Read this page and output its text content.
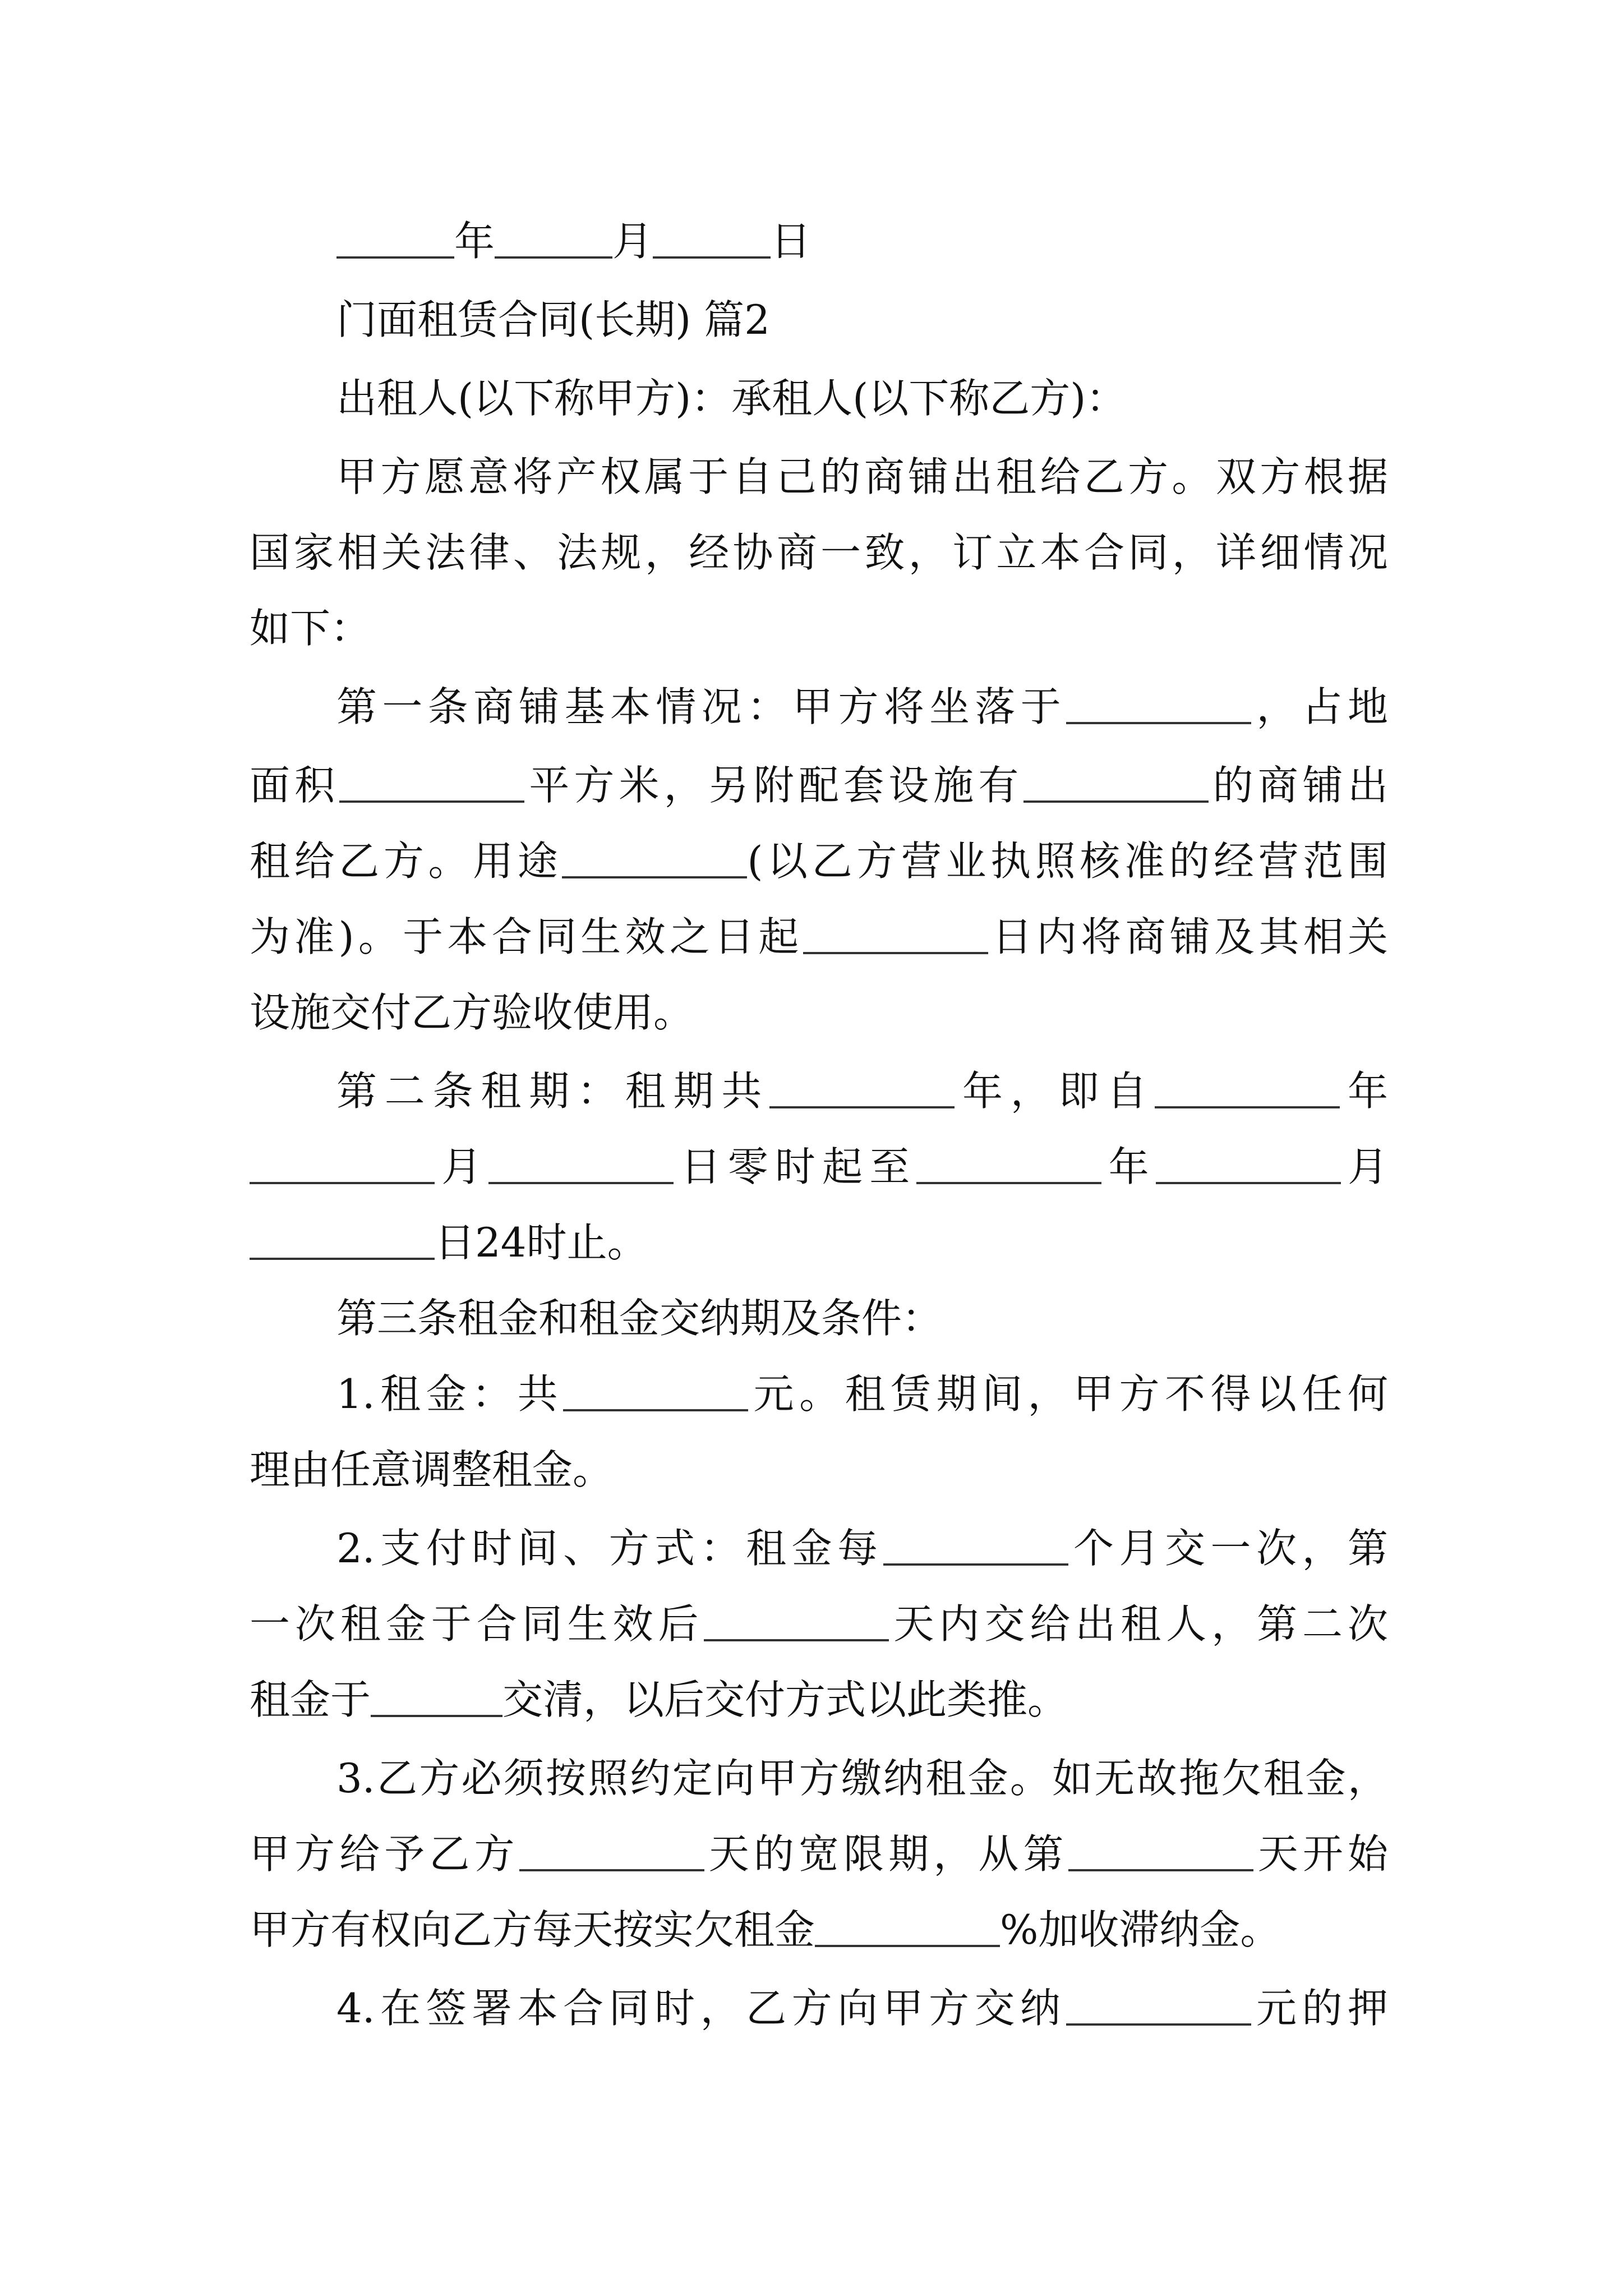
年	月	日
门面租赁合同(长期) 篇2
出租人(以下称甲方)：承租人(以下称乙方)：
甲方愿意将产权属于自己的商铺出租给乙方。双方根据
国家相关法律、法规，经协商一致，订立本合同，详细情况
如下：
第一条商铺基本情况：甲方将坐落于	，占地
面积	平方米，另附配套设施有	的商铺出
租给乙方。用途	(以乙方营业执照核准的经营范围
为准)。于本合同生效之日起	日内将商铺及其相关
设施交付乙方验收使用。
第二条租期：租期共	年，即自	年
月	日零时起至	年	月
日24时止。
第三条租金和租金交纳期及条件：
1.租金：共	元。租赁期间，甲方不得以任何
理由任意调整租金。
2.支付时间、方式：租金每	个月交一次，第
一次租金于合同生效后	天内交给出租人，第二次
租金于	交清，以后交付方式以此类推。
3.乙方必须按照约定向甲方缴纳租金。如无故拖欠租金，
甲方给予乙方	天的宽限期，从第	天开始
甲方有权向乙方每天按实欠租金	%加收滞纳金。
4.在签署本合同时，乙方向甲方交纳	元的押
